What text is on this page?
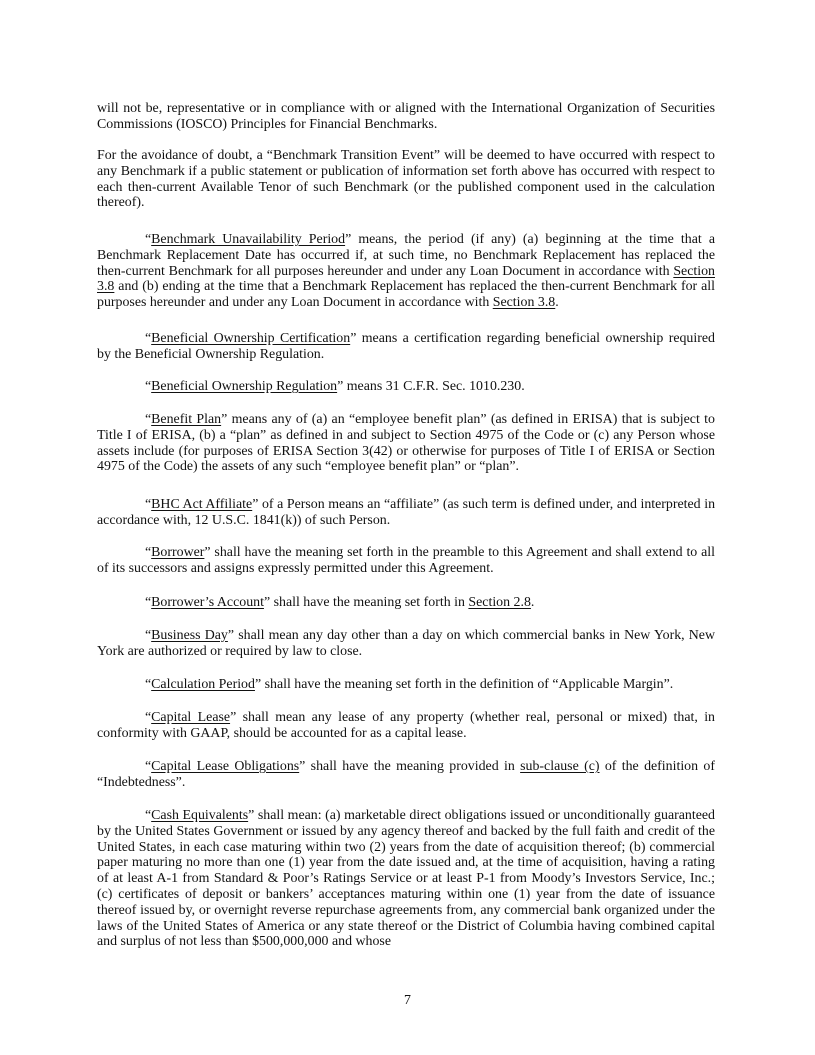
will not be, representative or in compliance with or aligned with the International Organization of Securities Commissions (IOSCO) Principles for Financial Benchmarks.

For the avoidance of doubt, a “Benchmark Transition Event” will be deemed to have occurred with respect to any Benchmark if a public statement or publication of information set forth above has occurred with respect to each then-current Available Tenor of such Benchmark (or the published component used in the calculation thereof).

“Benchmark Unavailability Period” means, the period (if any) (a) beginning at the time that a Benchmark Replacement Date has occurred if, at such time, no Benchmark Replacement has replaced the then-current Benchmark for all purposes hereunder and under any Loan Document in accordance with Section 3.8 and (b) ending at the time that a Benchmark Replacement has replaced the then-current Benchmark for all purposes hereunder and under any Loan Document in accordance with Section 3.8.

“Beneficial Ownership Certification” means a certification regarding beneficial ownership required by the Beneficial Ownership Regulation.

“Beneficial Ownership Regulation” means 31 C.F.R. Sec. 1010.230.

“Benefit Plan” means any of (a) an “employee benefit plan” (as defined in ERISA) that is subject to Title I of ERISA, (b) a “plan” as defined in and subject to Section 4975 of the Code or (c) any Person whose assets include (for purposes of ERISA Section 3(42) or otherwise for purposes of Title I of ERISA or Section 4975 of the Code) the assets of any such “employee benefit plan” or “plan”.

“BHC Act Affiliate” of a Person means an “affiliate” (as such term is defined under, and interpreted in accordance with, 12 U.S.C. 1841(k)) of such Person.

“Borrower” shall have the meaning set forth in the preamble to this Agreement and shall extend to all of its successors and assigns expressly permitted under this Agreement.

“Borrower’s Account” shall have the meaning set forth in Section 2.8.

“Business Day” shall mean any day other than a day on which commercial banks in New York, New York are authorized or required by law to close.

“Calculation Period” shall have the meaning set forth in the definition of “Applicable Margin”.

“Capital Lease” shall mean any lease of any property (whether real, personal or mixed) that, in conformity with GAAP, should be accounted for as a capital lease.

“Capital Lease Obligations” shall have the meaning provided in sub-clause (c) of the definition of “Indebtedness”.

“Cash Equivalents” shall mean: (a) marketable direct obligations issued or unconditionally guaranteed by the United States Government or issued by any agency thereof and backed by the full faith and credit of the United States, in each case maturing within two (2) years from the date of acquisition thereof; (b) commercial paper maturing no more than one (1) year from the date issued and, at the time of acquisition, having a rating of at least A-1 from Standard & Poor’s Ratings Service or at least P-1 from Moody’s Investors Service, Inc.; (c) certificates of deposit or bankers’ acceptances maturing within one (1) year from the date of issuance thereof issued by, or overnight reverse repurchase agreements from, any commercial bank organized under the laws of the United States of America or any state thereof or the District of Columbia having combined capital and surplus of not less than $500,000,000 and whose

7
